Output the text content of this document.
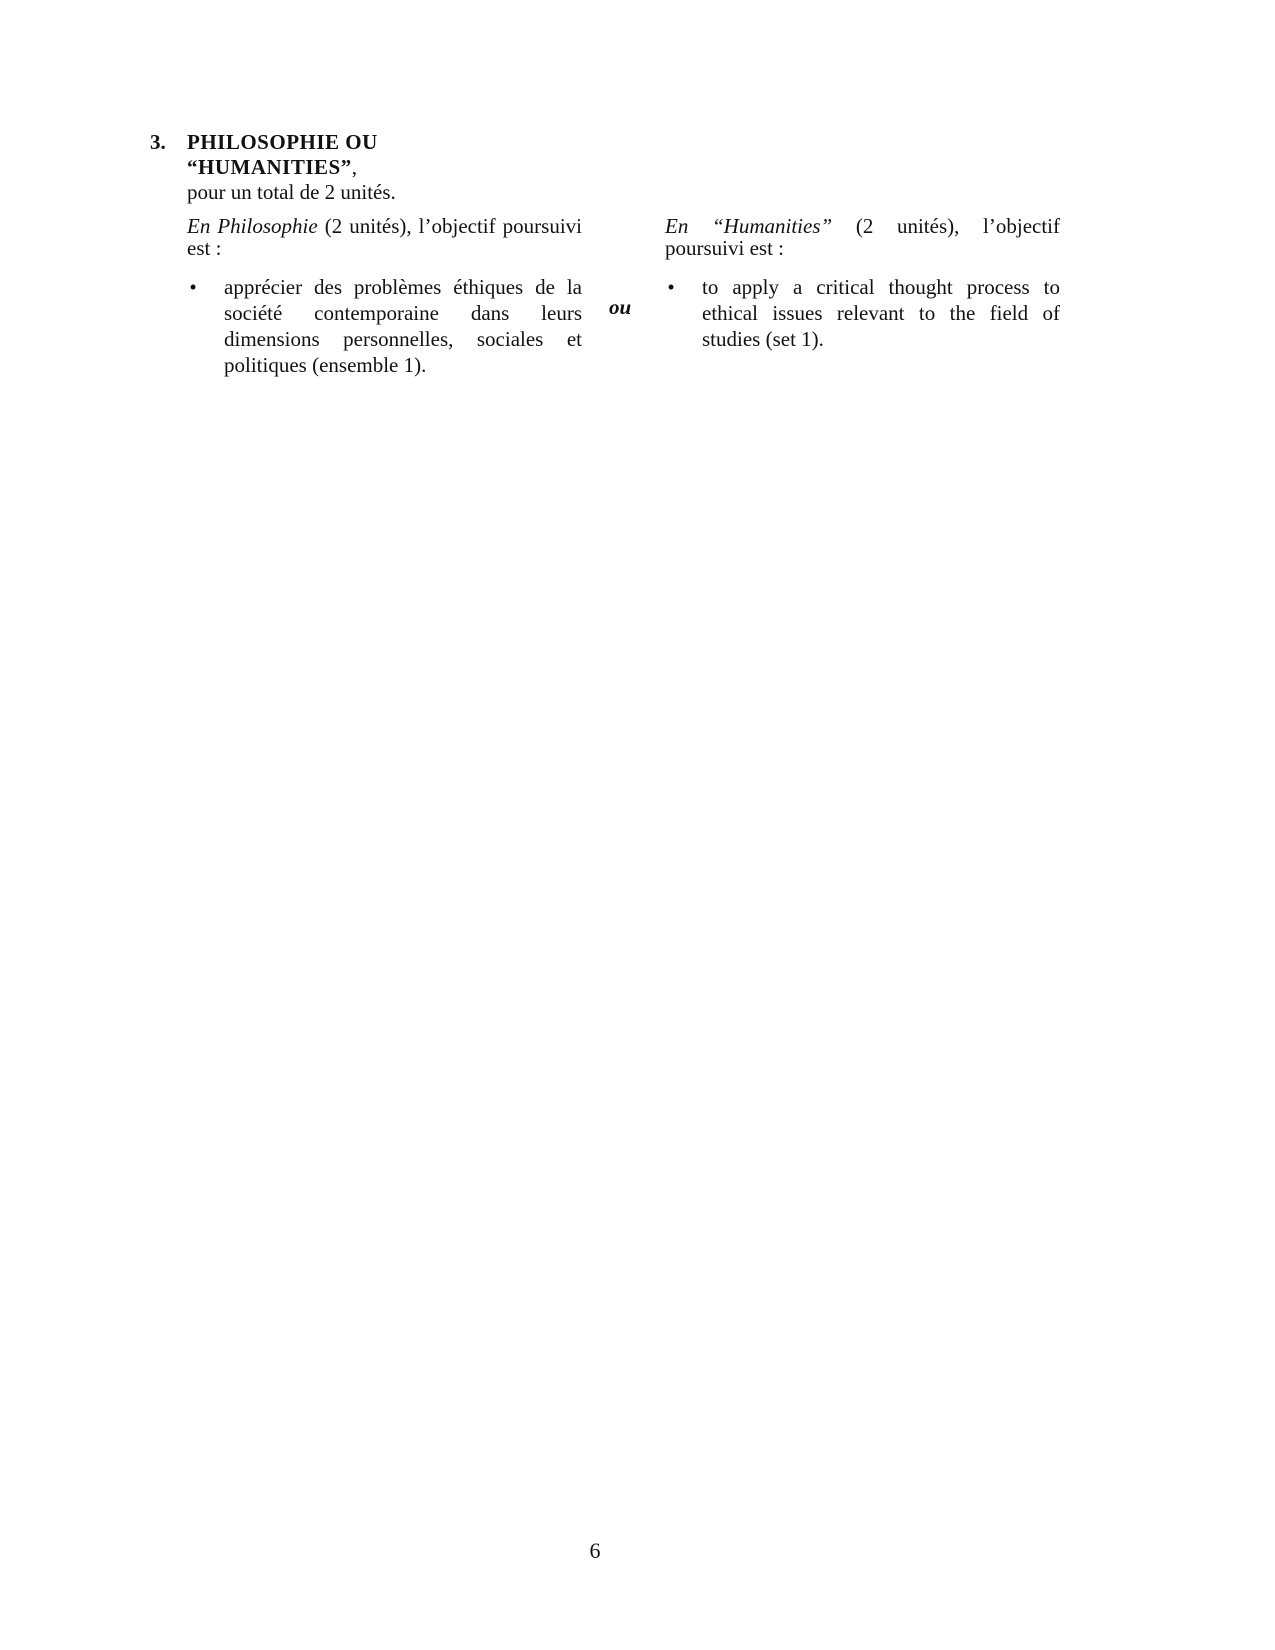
3. PHILOSOPHIE OU
“HUMANITIES”,
pour un total de 2 unités.
En Philosophie (2 unités), l’objectif poursuivi est :
• apprécier des problèmes éthiques de la société contemporaine dans leurs dimensions personnelles, sociales et politiques (ensemble 1).
ou
En “Humanities” (2 unités), l’objectif poursuivi est :
• to apply a critical thought process to ethical issues relevant to the field of studies (set 1).
6
